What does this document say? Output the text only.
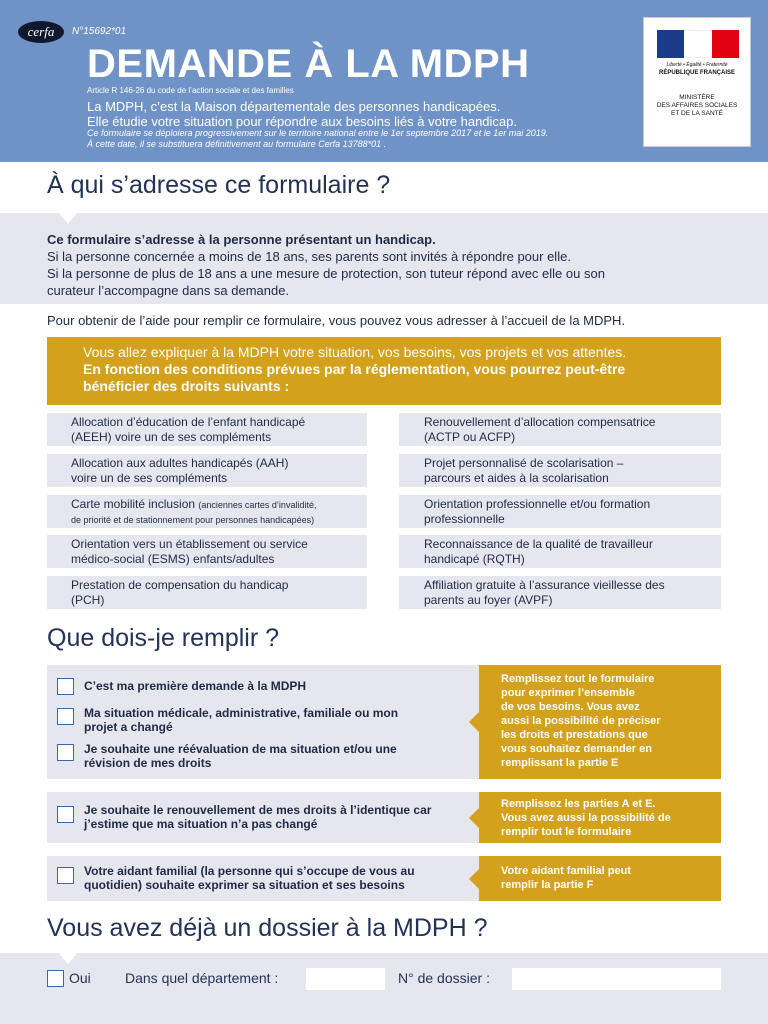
cerfa	N°15692*01
DEMANDE À LA MDPH
Article R 146-26 du code de l’action sociale et des familles
La MDPH, c’est la Maison départementale des personnes handicapées.
Elle étudie votre situation pour répondre aux besoins liés à votre handicap.
Ce formulaire se déploiera progressivement sur le territoire national entre le 1er septembre 2017 et le 1er mai 2019.
À cette date, il se substituera définitivement au formulaire Cerfa 13788*01 .
Liberté • Égalité • Fraternité
RÉPUBLIQUE FRANÇAISE
MINISTÈRE
DES AFFAIRES SOCIALES
ET DE LA SANTÉ
À qui s’adresse ce formulaire ?
Ce formulaire s’adresse à la personne présentant un handicap.
Si la personne concernée a moins de 18 ans, ses parents sont invités à répondre pour elle.
Si la personne de plus de 18 ans a une mesure de protection, son tuteur répond avec elle ou son
curateur l’accompagne dans sa demande.
Pour obtenir de l’aide pour remplir ce formulaire, vous pouvez vous adresser à l’accueil de la MDPH.
Vous allez expliquer à la MDPH votre situation, vos besoins, vos projets et vos attentes.
En fonction des conditions prévues par la réglementation, vous pourrez peut-être
bénéficier des droits suivants :
Allocation d’éducation de l’enfant handicapé
(AEEH) voire un de ses compléments
Allocation aux adultes handicapés (AAH)
voire un de ses compléments
Carte mobilité inclusion (anciennes cartes d’invalidité,
de priorité et de stationnement pour personnes handicapées)
Orientation vers un établissement ou service
médico-social (ESMS) enfants/adultes
Prestation de compensation du handicap
(PCH)
Renouvellement d’allocation compensatrice
(ACTP ou ACFP)
Projet personnalisé de scolarisation –
parcours et aides à la scolarisation
Orientation professionnelle et/ou formation
professionnelle
Reconnaissance de la qualité de travailleur
handicapé (RQTH)
Affiliation gratuite à l’assurance vieillesse des
parents au foyer (AVPF)
Que dois-je remplir ?
C’est ma première demande à la MDPH
Ma situation médicale, administrative, familiale ou mon
projet a changé
Je souhaite une réévaluation de ma situation et/ou une
révision de mes droits
Remplissez tout le formulaire
pour exprimer l’ensemble
de vos besoins. Vous avez
aussi la possibilité de préciser
les droits et prestations que
vous souhaitez demander en
remplissant la partie E
Je souhaite le renouvellement de mes droits à l’identique car
j’estime que ma situation n’a pas changé
Remplissez les parties A et E.
Vous avez aussi la possibilité de
remplir tout le formulaire
Votre aidant familial (la personne qui s’occupe de vous au
quotidien) souhaite exprimer sa situation et ses besoins
Votre aidant familial peut
remplir la partie F
Vous avez déjà un dossier à la MDPH ?
Oui Dans quel département :	N° de dossier :
